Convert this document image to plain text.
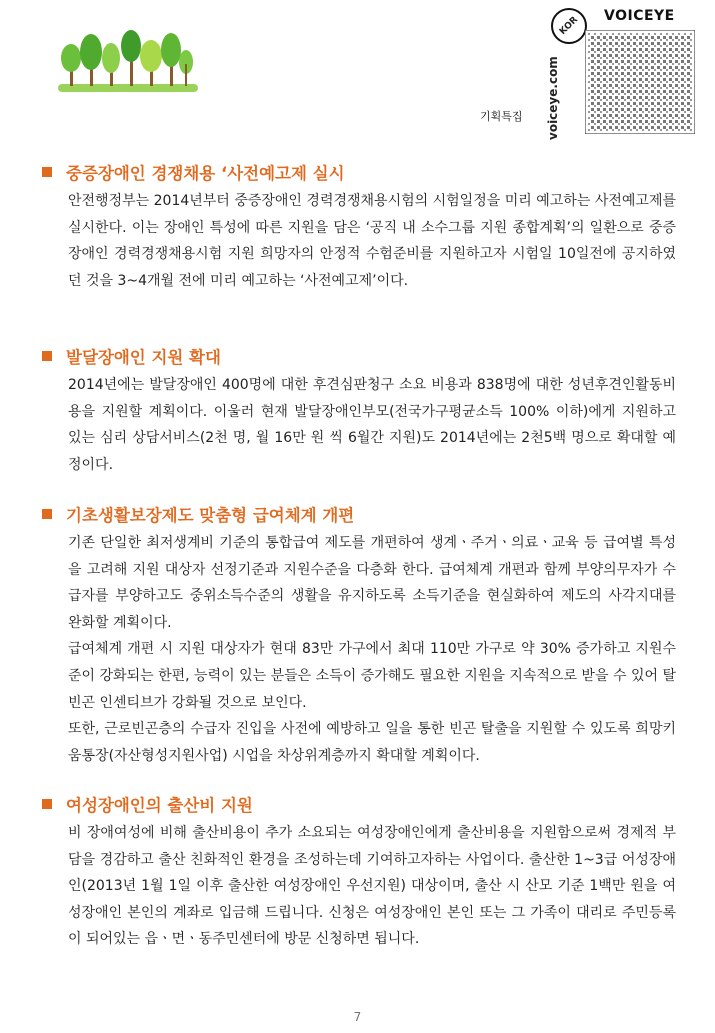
기획특집
KOR	VOICEYE
voiceye.com
중증장애인 경쟁채용 ‘사전예고제 실시

안전행정부는 2014년부터 중증장애인 경력경쟁채용시험의 시험일정을 미리 예고하는 사전예고제를 실시한다. 이는 장애인 특성에 따른 지원을 담은 ‘공직 내 소수그룹 지원 종합계획’의 일환으로 중증장애인 경력경쟁채용시험 지원 희망자의 안정적 수험준비를 지원하고자 시험일 10일전에 공지하였던 것을 3~4개월 전에 미리 예고하는 ‘사전예고제’이다.

발달장애인 지원 확대

2014년에는 발달장애인 400명에 대한 후견심판청구 소요 비용과 838명에 대한 성년후견인활동비용을 지원할 계획이다. 이울러 현재 발달장애인부모(전국가구평균소득 100% 이하)에게 지원하고 있는 심리 상담서비스(2천 명, 월 16만 원 씩 6월간 지원)도 2014년에는 2천5백 명으로 확대할 예정이다.

기초생활보장제도 맞춤형 급여체계 개편

기존 단일한 최저생계비 기준의 통합급여 제도를 개편하여 생계ㆍ주거ㆍ의료ㆍ교육 등 급여별 특성을 고려해 지원 대상자 선정기준과 지원수준을 다층화 한다. 급여체계 개편과 함께 부양의무자가 수급자를 부양하고도 중위소득수준의 생활을 유지하도록 소득기준을 현실화하여 제도의 사각지대를 완화할 계획이다.

급여체계 개편 시 지원 대상자가 현대 83만 가구에서 최대 110만 가구로 약 30% 증가하고 지원수준이 강화되는 한편, 능력이 있는 분들은 소득이 증가해도 필요한 지원을 지속적으로 받을 수 있어 탈 빈곤 인센티브가 강화될 것으로 보인다.

또한, 근로빈곤층의 수급자 진입을 사전에 예방하고 일을 통한 빈곤 탈출을 지원할 수 있도록 희망키움통장(자산형성지원사업) 시업을 차상위계층까지 확대할 계획이다.

여성장애인의 출산비 지원

비 장애여성에 비해 출산비용이 추가 소요되는 여성장애인에게 출산비용을 지원함으로써 경제적 부담을 경감하고 출산 친화적인 환경을 조성하는데 기여하고자하는 사업이다. 출산한 1~3급 어성장애인(2013년 1월 1일 이후 출산한 여성장애인 우선지원) 대상이며, 출산 시 산모 기준 1백만 원을 여성장애인 본인의 계좌로 입금해 드립니다. 신청은 여성장애인 본인 또는 그 가족이 대리로 주민등록이 되어있는 읍ㆍ면ㆍ동주민센터에 방문 신청하면 됩니다.

7
